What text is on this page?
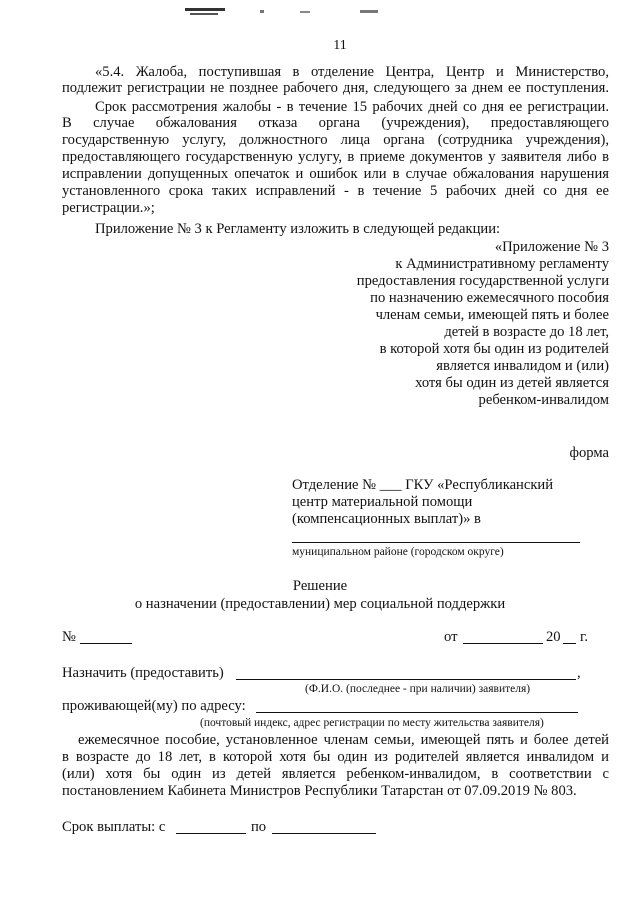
11
«5.4. Жалоба, поступившая в отделение Центра, Центр и Министерство,
подлежит регистрации не позднее рабочего дня, следующего за днем ее поступления.
Срок рассмотрения жалобы - в течение 15 рабочих дней со дня ее регистрации.
В случае обжалования отказа органа (учреждения), предоставляющего
государственную услугу, должностного лица органа (сотрудника учреждения),
предоставляющего государственную услугу, в приеме документов у заявителя либо в
исправлении допущенных опечаток и ошибок или в случае обжалования нарушения
установленного срока таких исправлений - в течение 5 рабочих дней со дня ее
регистрации.»;
Приложение № 3 к Регламенту изложить в следующей редакции:
«Приложение № 3
к Административному регламенту
предоставления государственной услуги
по назначению ежемесячного пособия
членам семьи, имеющей пять и более
детей в возрасте до 18 лет,
в которой хотя бы один из родителей
является инвалидом и (или)
хотя бы один из детей является
ребенком-инвалидом
форма
Отделение № ___ ГКУ «Республиканский
центр материальной помощи
(компенсационных выплат)» в
муниципальном районе (городском округе)
Решение
о назначении (предоставлении) мер социальной поддержки
№	от	20 г.
Назначить (предоставить)	,
(Ф.И.О. (последнее - при наличии) заявителя)
проживающей(му) по адресу:
(почтовый индекс, адрес регистрации по месту жительства заявителя)
ежемесячное пособие, установленное членам семьи, имеющей пять и более детей
в возрасте до 18 лет, в которой хотя бы один из родителей является инвалидом и
(или) хотя бы один из детей является ребенком-инвалидом, в соответствии с
постановлением Кабинета Министров Республики Татарстан от 07.09.2019 № 803.
Срок выплаты: с	по
